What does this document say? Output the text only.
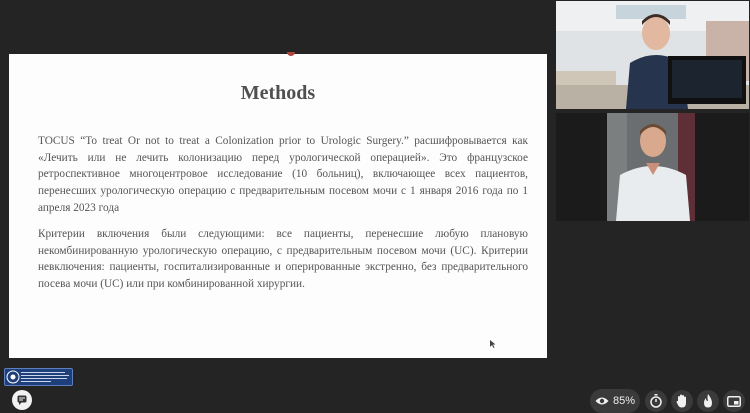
Methods
TOCUS “To treat Or not to treat a Colonization prior to Urologic Surgery.” расшифровывается как «Лечить или не лечить колонизацию перед урологической операцией». Это французское ретроспективное многоцентровое исследование (10 больниц), включающее всех пациентов, перенесших урологическую операцию с предварительным посевом мочи с 1 января 2016 года по 1 апреля 2023 года
Критерии включения были следующими: все пациенты, перенесшие любую плановую некомбинированную урологическую операцию, с предварительным посевом мочи (UC). Критерии невключения: пациенты, госпитализированные и оперированные экстренно, без предварительного посева мочи (UC) или при комбинированной хирургии.
85%
